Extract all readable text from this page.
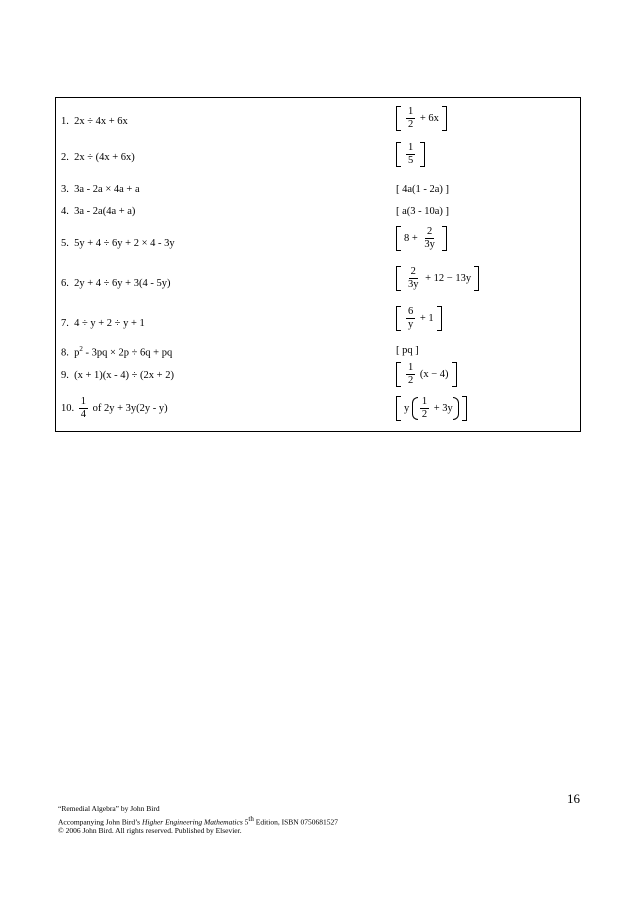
1. 2x ÷ 4x + 6x	$\frac{1}{2} + 6x$
2. 2x ÷ (4x + 6x)	$\frac{1}{5}$
3. 3a - 2a × 4a + a	[ 4a(1 - 2a) ]
4. 3a - 2a(4a + a)	[ a(3 - 10a) ]
5. 5y + 4 ÷ 6y + 2 × 4 - 3y	$8 + \frac{2}{3y}$
6. 2y + 4 ÷ 6y + 3(4 - 5y)	$\frac{2}{3y} + 12 - 13y$
7. 4 ÷ y + 2 ÷ y + 1	$\frac{6}{y} + 1$
8. $p^2 - 3pq \times 2p \div 6q$ + pq	[ pq ]
9. (x + 1)(x - 4) ÷ (2x + 2)	$\frac{1}{2} (x - 4)$
10. $\frac{1}{4}$ of 2y + 3y(2y - y)	y $\frac{1}{2} + 3y$
16
“Remedial Algebra” by John Bird
Accompanying John Bird’s Higher Engineering Mathematics 5th Edition, ISBN 0750681527
© 2006 John Bird. All rights reserved. Published by Elsevier.
